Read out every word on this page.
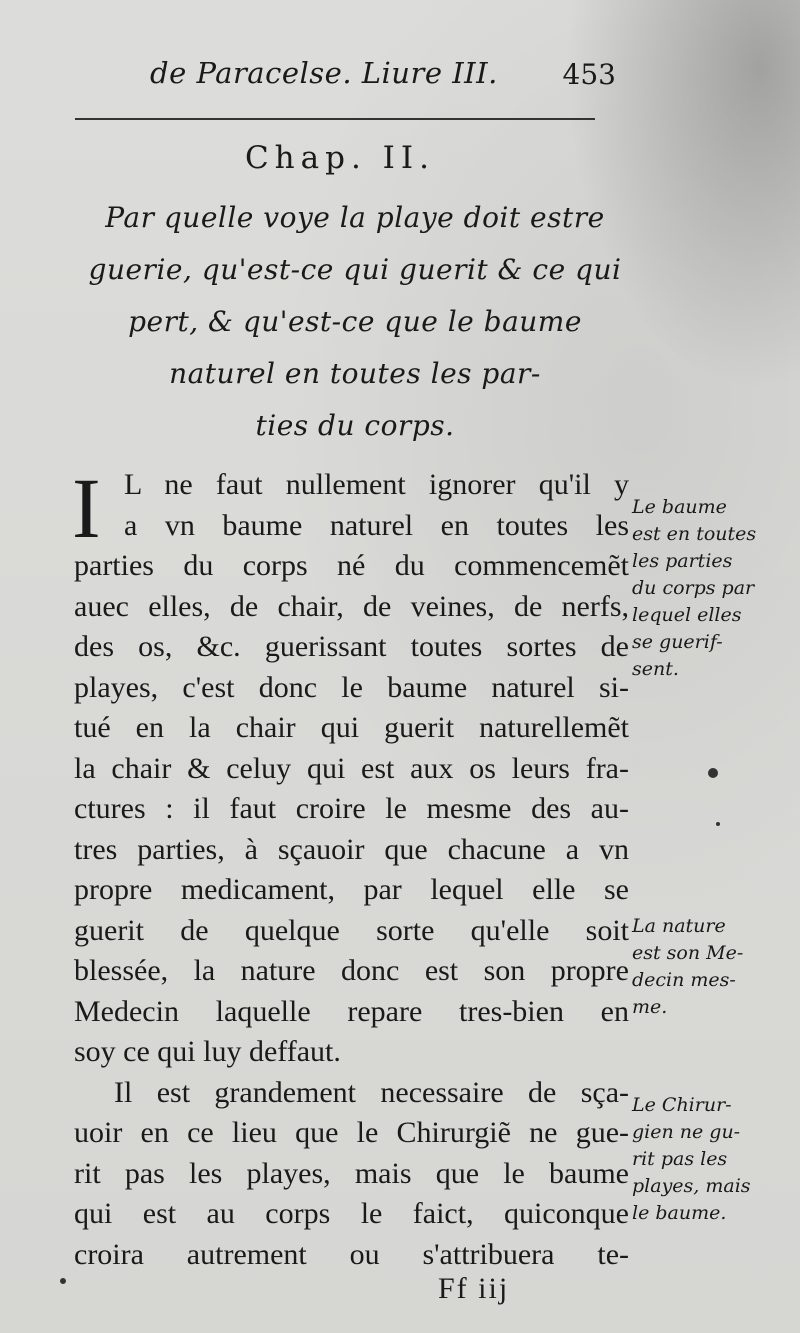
de Paracelse. Liure III. 453
Chap. II.
Par quelle voye la playe doit estre
guerie, qu'est-ce qui guerit & ce qui
pert, & qu'est-ce que le baume
naturel en toutes les par-
ties du corps.
I L ne faut nullement ignorer qu'il y
a vn baume naturel en toutes les
parties du corps né du commencemẽt
auec elles, de chair, de veines, de nerfs,
des os, &c. guerissant toutes sortes de
playes, c'est donc le baume naturel si-
tué en la chair qui guerit naturellemẽt
la chair & celuy qui est aux os leurs fra-
ctures : il faut croire le mesme des au-
tres parties, à sçauoir que chacune a vn
propre medicament, par lequel elle se
guerit de quelque sorte qu'elle soit
blessée, la nature donc est son propre
Medecin laquelle repare tres-bien en
soy ce qui luy deffaut.
Il est grandement necessaire de sça-
uoir en ce lieu que le Chirurgiẽ ne gue-
rit pas les playes, mais que le baume
qui est au corps le faict, quiconque
croira autrement ou s'attribuera te-
Le baume
est en toutes
les parties
du corps par
lequel elles
se guerif-
sent.
La nature
est son Me-
decin mes-
me.
Le Chirur-
gien ne gu-
rit pas les
playes, mais
le baume.
Ff iij
